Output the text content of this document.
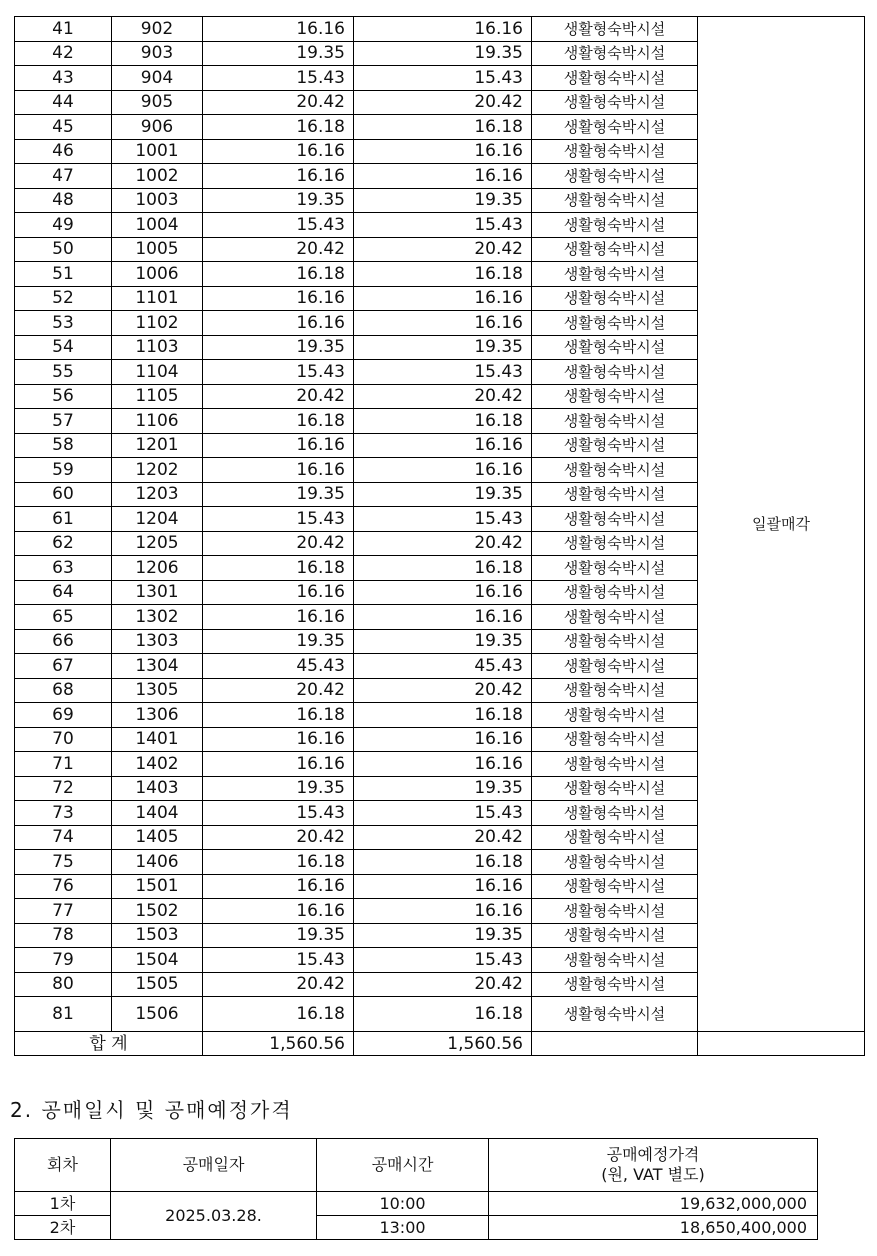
41	902	16.16	16.16	생활형숙박시설	일괄매각
42	903	19.35	19.35	생활형숙박시설	
43	904	15.43	15.43	생활형숙박시설	
44	905	20.42	20.42	생활형숙박시설	
45	906	16.18	16.18	생활형숙박시설	
46	1001	16.16	16.16	생활형숙박시설	
47	1002	16.16	16.16	생활형숙박시설	
48	1003	19.35	19.35	생활형숙박시설	
49	1004	15.43	15.43	생활형숙박시설	
50	1005	20.42	20.42	생활형숙박시설	
51	1006	16.18	16.18	생활형숙박시설	
52	1101	16.16	16.16	생활형숙박시설	
53	1102	16.16	16.16	생활형숙박시설	
54	1103	19.35	19.35	생활형숙박시설	
55	1104	15.43	15.43	생활형숙박시설	
56	1105	20.42	20.42	생활형숙박시설	
57	1106	16.18	16.18	생활형숙박시설	
58	1201	16.16	16.16	생활형숙박시설	
59	1202	16.16	16.16	생활형숙박시설	
60	1203	19.35	19.35	생활형숙박시설	
61	1204	15.43	15.43	생활형숙박시설	
62	1205	20.42	20.42	생활형숙박시설	
63	1206	16.18	16.18	생활형숙박시설	
64	1301	16.16	16.16	생활형숙박시설	
65	1302	16.16	16.16	생활형숙박시설	
66	1303	19.35	19.35	생활형숙박시설	
67	1304	45.43	45.43	생활형숙박시설	
68	1305	20.42	20.42	생활형숙박시설	
69	1306	16.18	16.18	생활형숙박시설	
70	1401	16.16	16.16	생활형숙박시설	
71	1402	16.16	16.16	생활형숙박시설	
72	1403	19.35	19.35	생활형숙박시설	
73	1404	15.43	15.43	생활형숙박시설	
74	1405	20.42	20.42	생활형숙박시설	
75	1406	16.18	16.18	생활형숙박시설	
76	1501	16.16	16.16	생활형숙박시설	
77	1502	16.16	16.16	생활형숙박시설	
78	1503	19.35	19.35	생활형숙박시설	
79	1504	15.43	15.43	생활형숙박시설	
80	1505	20.42	20.42	생활형숙박시설	
81	1506	16.18	16.18	생활형숙박시설	
합 계		1,560.56	1,560.56		
2. 공매일시 및 공매예정가격
회차	공매일자	공매시간	공매예정가격
(원, VAT 별도)

1차	2025.03.28.	10:00	19,632,000,000
2차		13:00	18,650,400,000
